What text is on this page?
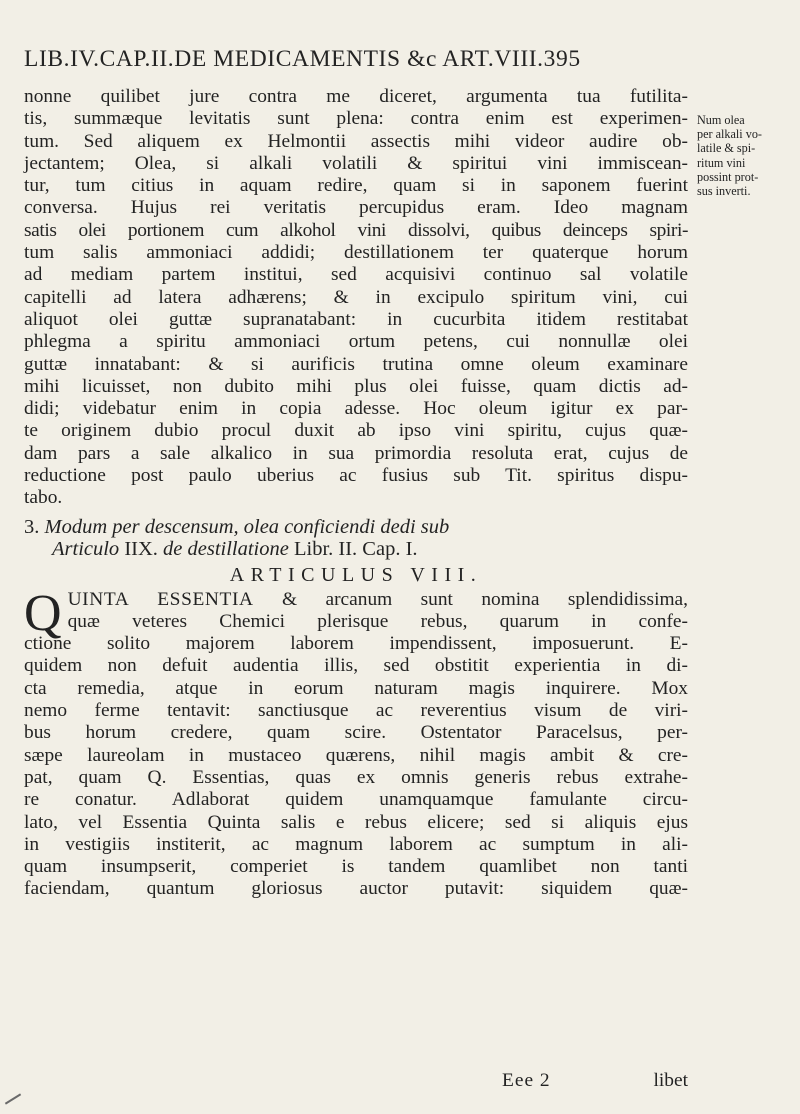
LIB.IV.CAP.II.DE MEDICAMENTIS &c ART.VIII.395
Num olea
per alkali vo-
latile & spi-
ritum vini
possint prot-
sus inverti.
nonne quilibet jure contra me diceret, argumenta tua futilita-
tis, summæque levitatis sunt plena: contra enim est experimen-
tum. Sed aliquem ex Helmontii assectis mihi videor audire ob-
jectantem; Olea, si alkali volatili & spiritui vini immiscean-
tur, tum citius in aquam redire, quam si in saponem fuerint
conversa. Hujus rei veritatis percupidus eram. Ideo magnam
satis olei portionem cum alkohol vini dissolvi, quibus deinceps spiri-
tum salis ammoniaci addidi; destillationem ter quaterque horum
ad mediam partem institui, sed acquisivi continuo sal volatile
capitelli ad latera adhærens; & in excipulo spiritum vini, cui
aliquot olei guttæ supranatabant: in cucurbita itidem restitabat
phlegma a spiritu ammoniaci ortum petens, cui nonnullæ olei
guttæ innatabant: & si aurificis trutina omne oleum examinare
mihi licuisset, non dubito mihi plus olei fuisse, quam dictis ad-
didi; videbatur enim in copia adesse. Hoc oleum igitur ex par-
te originem dubio procul duxit ab ipso vini spiritu, cujus quæ-
dam pars a sale alkalico in sua primordia resoluta erat, cujus de
reductione post paulo uberius ac fusius sub Tit. spiritus dispu-
tabo.
3. Modum per descensum, olea conficiendi dedi sub
Articulo IIX. de destillatione Libr. II. Cap. I.
ARTICULUS VIII.
Q UINTA ESSENTIA & arcanum sunt nomina splendidissima,
quæ veteres Chemici plerisque rebus, quarum in confe-
ctione solito majorem laborem impendissent, imposuerunt. E-
quidem non defuit audentia illis, sed obstitit experientia in di-
cta remedia, atque in eorum naturam magis inquirere. Mox
nemo ferme tentavit: sanctiusque ac reverentius visum de viri-
bus horum credere, quam scire. Ostentator Paracelsus, per-
sæpe laureolam in mustaceo quærens, nihil magis ambit & cre-
pat, quam Q. Essentias, quas ex omnis generis rebus extrahe-
re conatur. Adlaborat quidem unamquamque famulante circu-
lato, vel Essentia Quinta salis e rebus elicere; sed si aliquis ejus
in vestigiis institerit, ac magnum laborem ac sumptum in ali-
quam insumpserit, comperiet is tandem quamlibet non tanti
faciendam, quantum gloriosus auctor putavit: siquidem quæ-
Eee 2	libet
